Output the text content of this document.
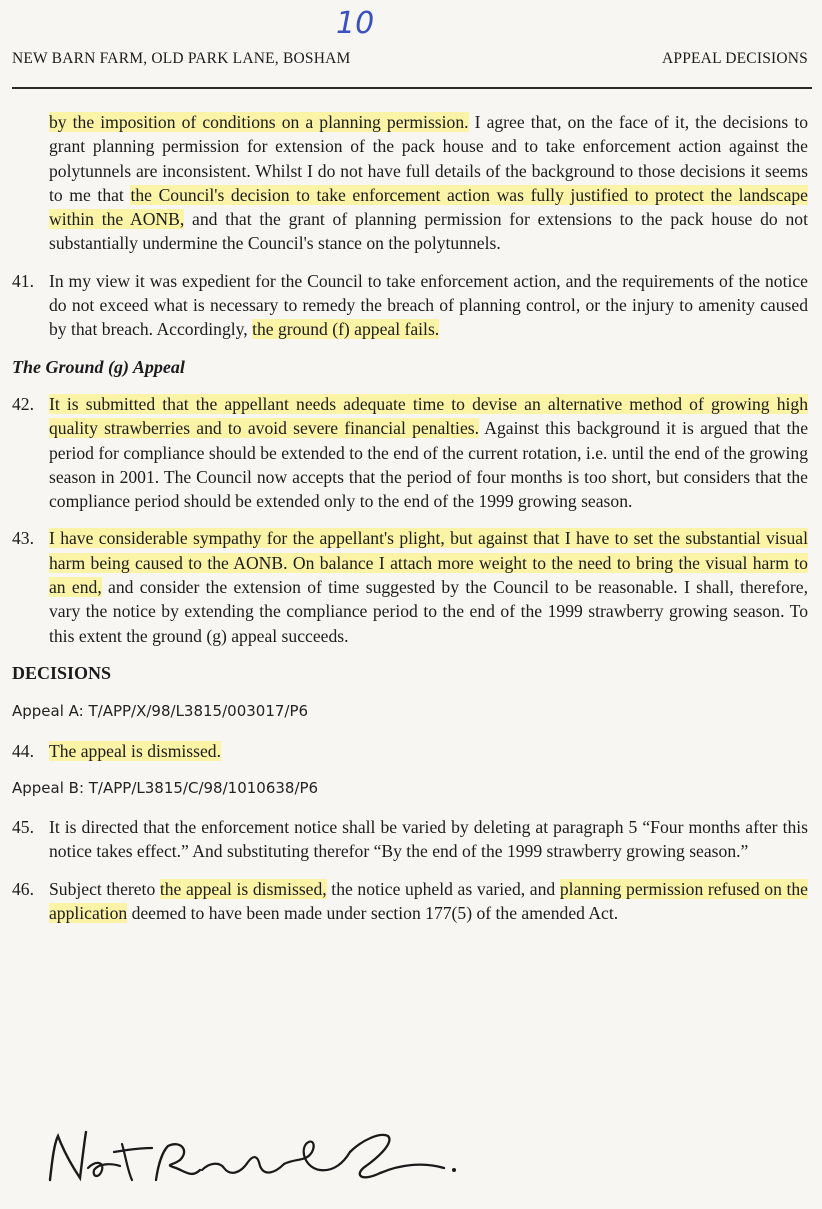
10
NEW BARN FARM, OLD PARK LANE, BOSHAM	APPEAL DECISIONS
by the imposition of conditions on a planning permission. I agree that, on the face of it, the decisions to grant planning permission for extension of the pack house and to take enforcement action against the polytunnels are inconsistent. Whilst I do not have full details of the background to those decisions it seems to me that the Council's decision to take enforcement action was fully justified to protect the landscape within the AONB, and that the grant of planning permission for extensions to the pack house do not substantially undermine the Council's stance on the polytunnels.
41. In my view it was expedient for the Council to take enforcement action, and the requirements of the notice do not exceed what is necessary to remedy the breach of planning control, or the injury to amenity caused by that breach. Accordingly, the ground (f) appeal fails.
The Ground (g) Appeal
42. It is submitted that the appellant needs adequate time to devise an alternative method of growing high quality strawberries and to avoid severe financial penalties. Against this background it is argued that the period for compliance should be extended to the end of the current rotation, i.e. until the end of the growing season in 2001. The Council now accepts that the period of four months is too short, but considers that the compliance period should be extended only to the end of the 1999 growing season.
43. I have considerable sympathy for the appellant's plight, but against that I have to set the substantial visual harm being caused to the AONB. On balance I attach more weight to the need to bring the visual harm to an end, and consider the extension of time suggested by the Council to be reasonable. I shall, therefore, vary the notice by extending the compliance period to the end of the 1999 strawberry growing season. To this extent the ground (g) appeal succeeds.
DECISIONS
Appeal A: T/APP/X/98/L3815/003017/P6
44. The appeal is dismissed.
Appeal B: T/APP/L3815/C/98/1010638/P6
45. It is directed that the enforcement notice shall be varied by deleting at paragraph 5 “Four months after this notice takes effect.” And substituting therefor “By the end of the 1999 strawberry growing season.”
46. Subject thereto the appeal is dismissed, the notice upheld as varied, and planning permission refused on the application deemed to have been made under section 177(5) of the amended Act.
